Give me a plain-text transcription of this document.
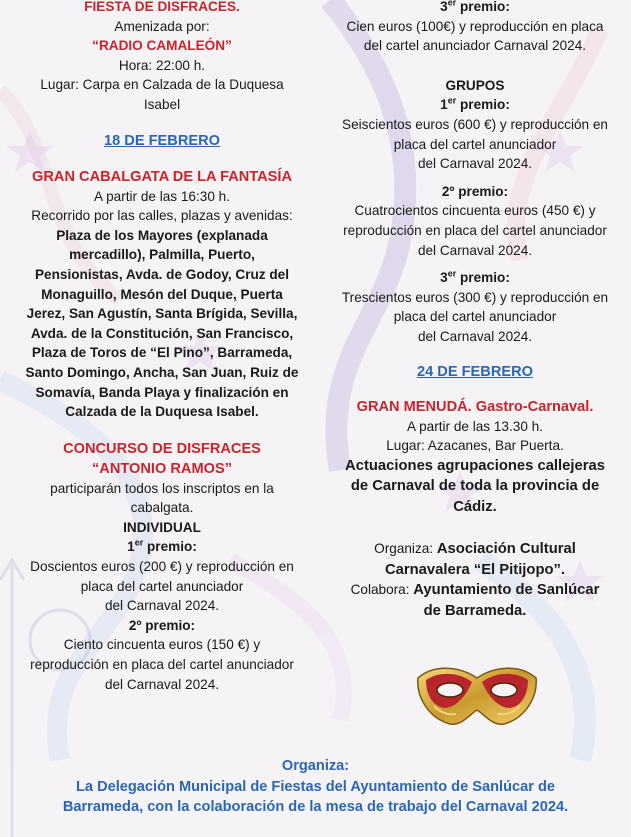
FIESTA DE DISFRACES.
Amenizada por:
“RADIO CAMALEÓN”
Hora: 22:00 h.
Lugar: Carpa en Calzada de la Duquesa
Isabel
18 DE FEBRERO
GRAN CABALGATA DE LA FANTASÍA
A partir de las 16:30 h.
Recorrido por las calles, plazas y avenidas:
Plaza de los Mayores (explanada
mercadillo), Palmilla, Puerto,
Pensionistas, Avda. de Godoy, Cruz del
Monaguillo, Mesón del Duque, Puerta
Jerez, San Agustín, Santa Brígida, Sevilla,
Avda. de la Constitución, San Francisco,
Plaza de Toros de “El Pino”, Barrameda,
Santo Domingo, Ancha, San Juan, Ruiz de
Somavía, Banda Playa y finalización en
Calzada de la Duquesa Isabel.
CONCURSO DE DISFRACES
“ANTONIO RAMOS”
participarán todos los inscriptos en la
cabalgata.
INDIVIDUAL
1er premio:
Doscientos euros (200 €) y reproducción en
placa del cartel anunciador
del Carnaval 2024.
2º premio:
Ciento cincuenta euros (150 €) y
reproducción en placa del cartel anunciador
del Carnaval 2024.
3er premio:
Cien euros (100€) y reproducción en placa
del cartel anunciador Carnaval 2024.
GRUPOS
1er premio:
Seiscientos euros (600 €) y reproducción en
placa del cartel anunciador
del Carnaval 2024.
2º premio:
Cuatrocientos cincuenta euros (450 €) y
reproducción en placa del cartel anunciador
del Carnaval 2024.
3er premio:
Trescientos euros (300 €) y reproducción en
placa del cartel anunciador
del Carnaval 2024.
24 DE FEBRERO
GRAN MENUDÁ. Gastro-Carnaval.
A partir de las 13.30 h.
Lugar: Azacanes, Bar Puerta.
Actuaciones agrupaciones callejeras
de Carnaval de toda la provincia de
Cádiz.
Organiza: Asociación Cultural
Carnavalera “El Pitijopo”.
Colabora: Ayuntamiento de Sanlúcar
de Barrameda.
Organiza:
La Delegación Municipal de Fiestas del Ayuntamiento de Sanlúcar de
Barrameda, con la colaboración de la mesa de trabajo del Carnaval 2024.
